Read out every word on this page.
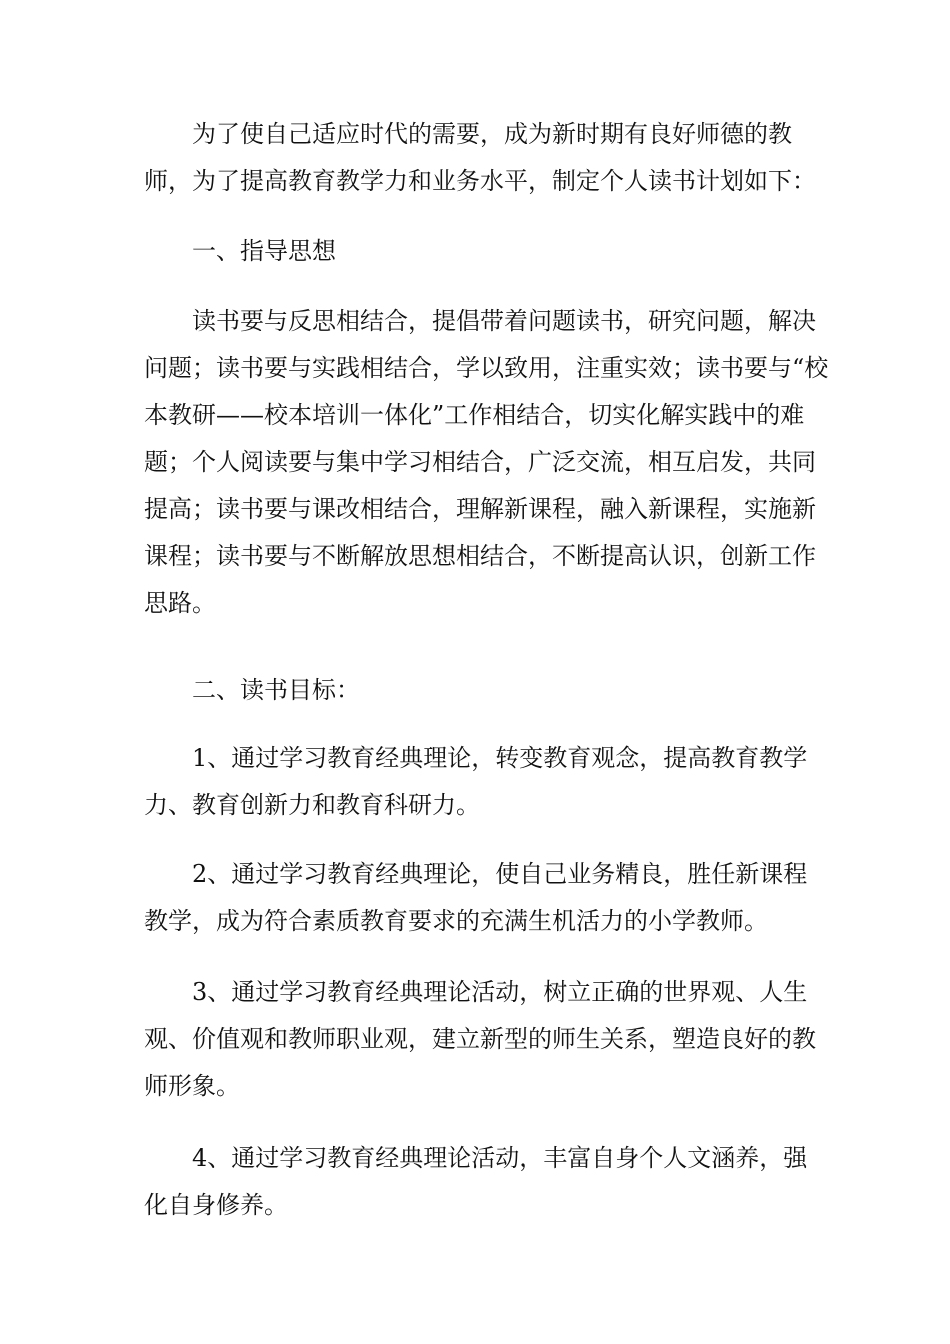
为了使自己适应时代的需要，成为新时期有良好师德的教
师，为了提高教育教学力和业务水平，制定个人读书计划如下：
一、指导思想
读书要与反思相结合，提倡带着问题读书，研究问题，解决
问题；读书要与实践相结合，学以致用，注重实效；读书要与“校
本教研——校本培训一体化”工作相结合，切实化解实践中的难
题；个人阅读要与集中学习相结合，广泛交流，相互启发，共同
提高；读书要与课改相结合，理解新课程，融入新课程，实施新
课程；读书要与不断解放思想相结合，不断提高认识，创新工作
思路。
二、读书目标：
1、通过学习教育经典理论，转变教育观念，提高教育教学
力、教育创新力和教育科研力。
2、通过学习教育经典理论，使自己业务精良，胜任新课程
教学，成为符合素质教育要求的充满生机活力的小学教师。
3、通过学习教育经典理论活动，树立正确的世界观、人生
观、价值观和教师职业观，建立新型的师生关系，塑造良好的教
师形象。
4、通过学习教育经典理论活动，丰富自身个人文涵养，强
化自身修养。
